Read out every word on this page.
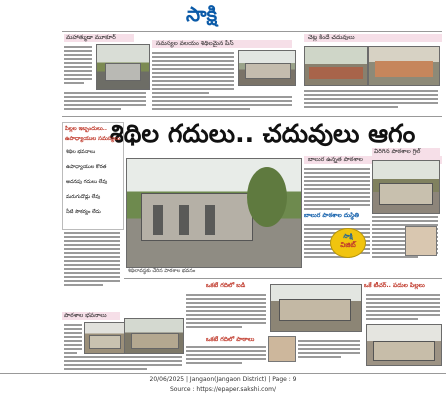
సాక్షి
మహాత్ముడా మూకూర్
సమస్యల వలయం శిథిలమైన పీస్
చెట్ల కిందే చదువులు
శిథిల గదులు.. చదువులు ఆగం
పిల్లల ఇబ్బందులు..
ఉపాధ్యాయుల సమస్యలు
శిథిల భవనాలు
ఉపాధ్యాయుల కొరత
అదనపు గదులు లేవు
మరుగుదొడ్లు లేవు
నీటి సౌకర్యం లేదు
పాఠశాల భవనాలు
శిథిలావస్థకు చేరిన పాఠశాల భవనం
బాలుర ఉన్నత పాఠశాల
బాలుర పాఠశాల దుస్థితి
సాక్షి
విజిట్
విరిగిన పాఠశాల గ్రిల్
ఒకటే గదిలో బడి
ఒకటే గదిలో పాఠాలు
ఒకే టీచర్.. పదుల పిల్లలు
20/06/2025 | Jangaon(Jangaon District) | Page : 9
Source : https://epaper.sakshi.com/
